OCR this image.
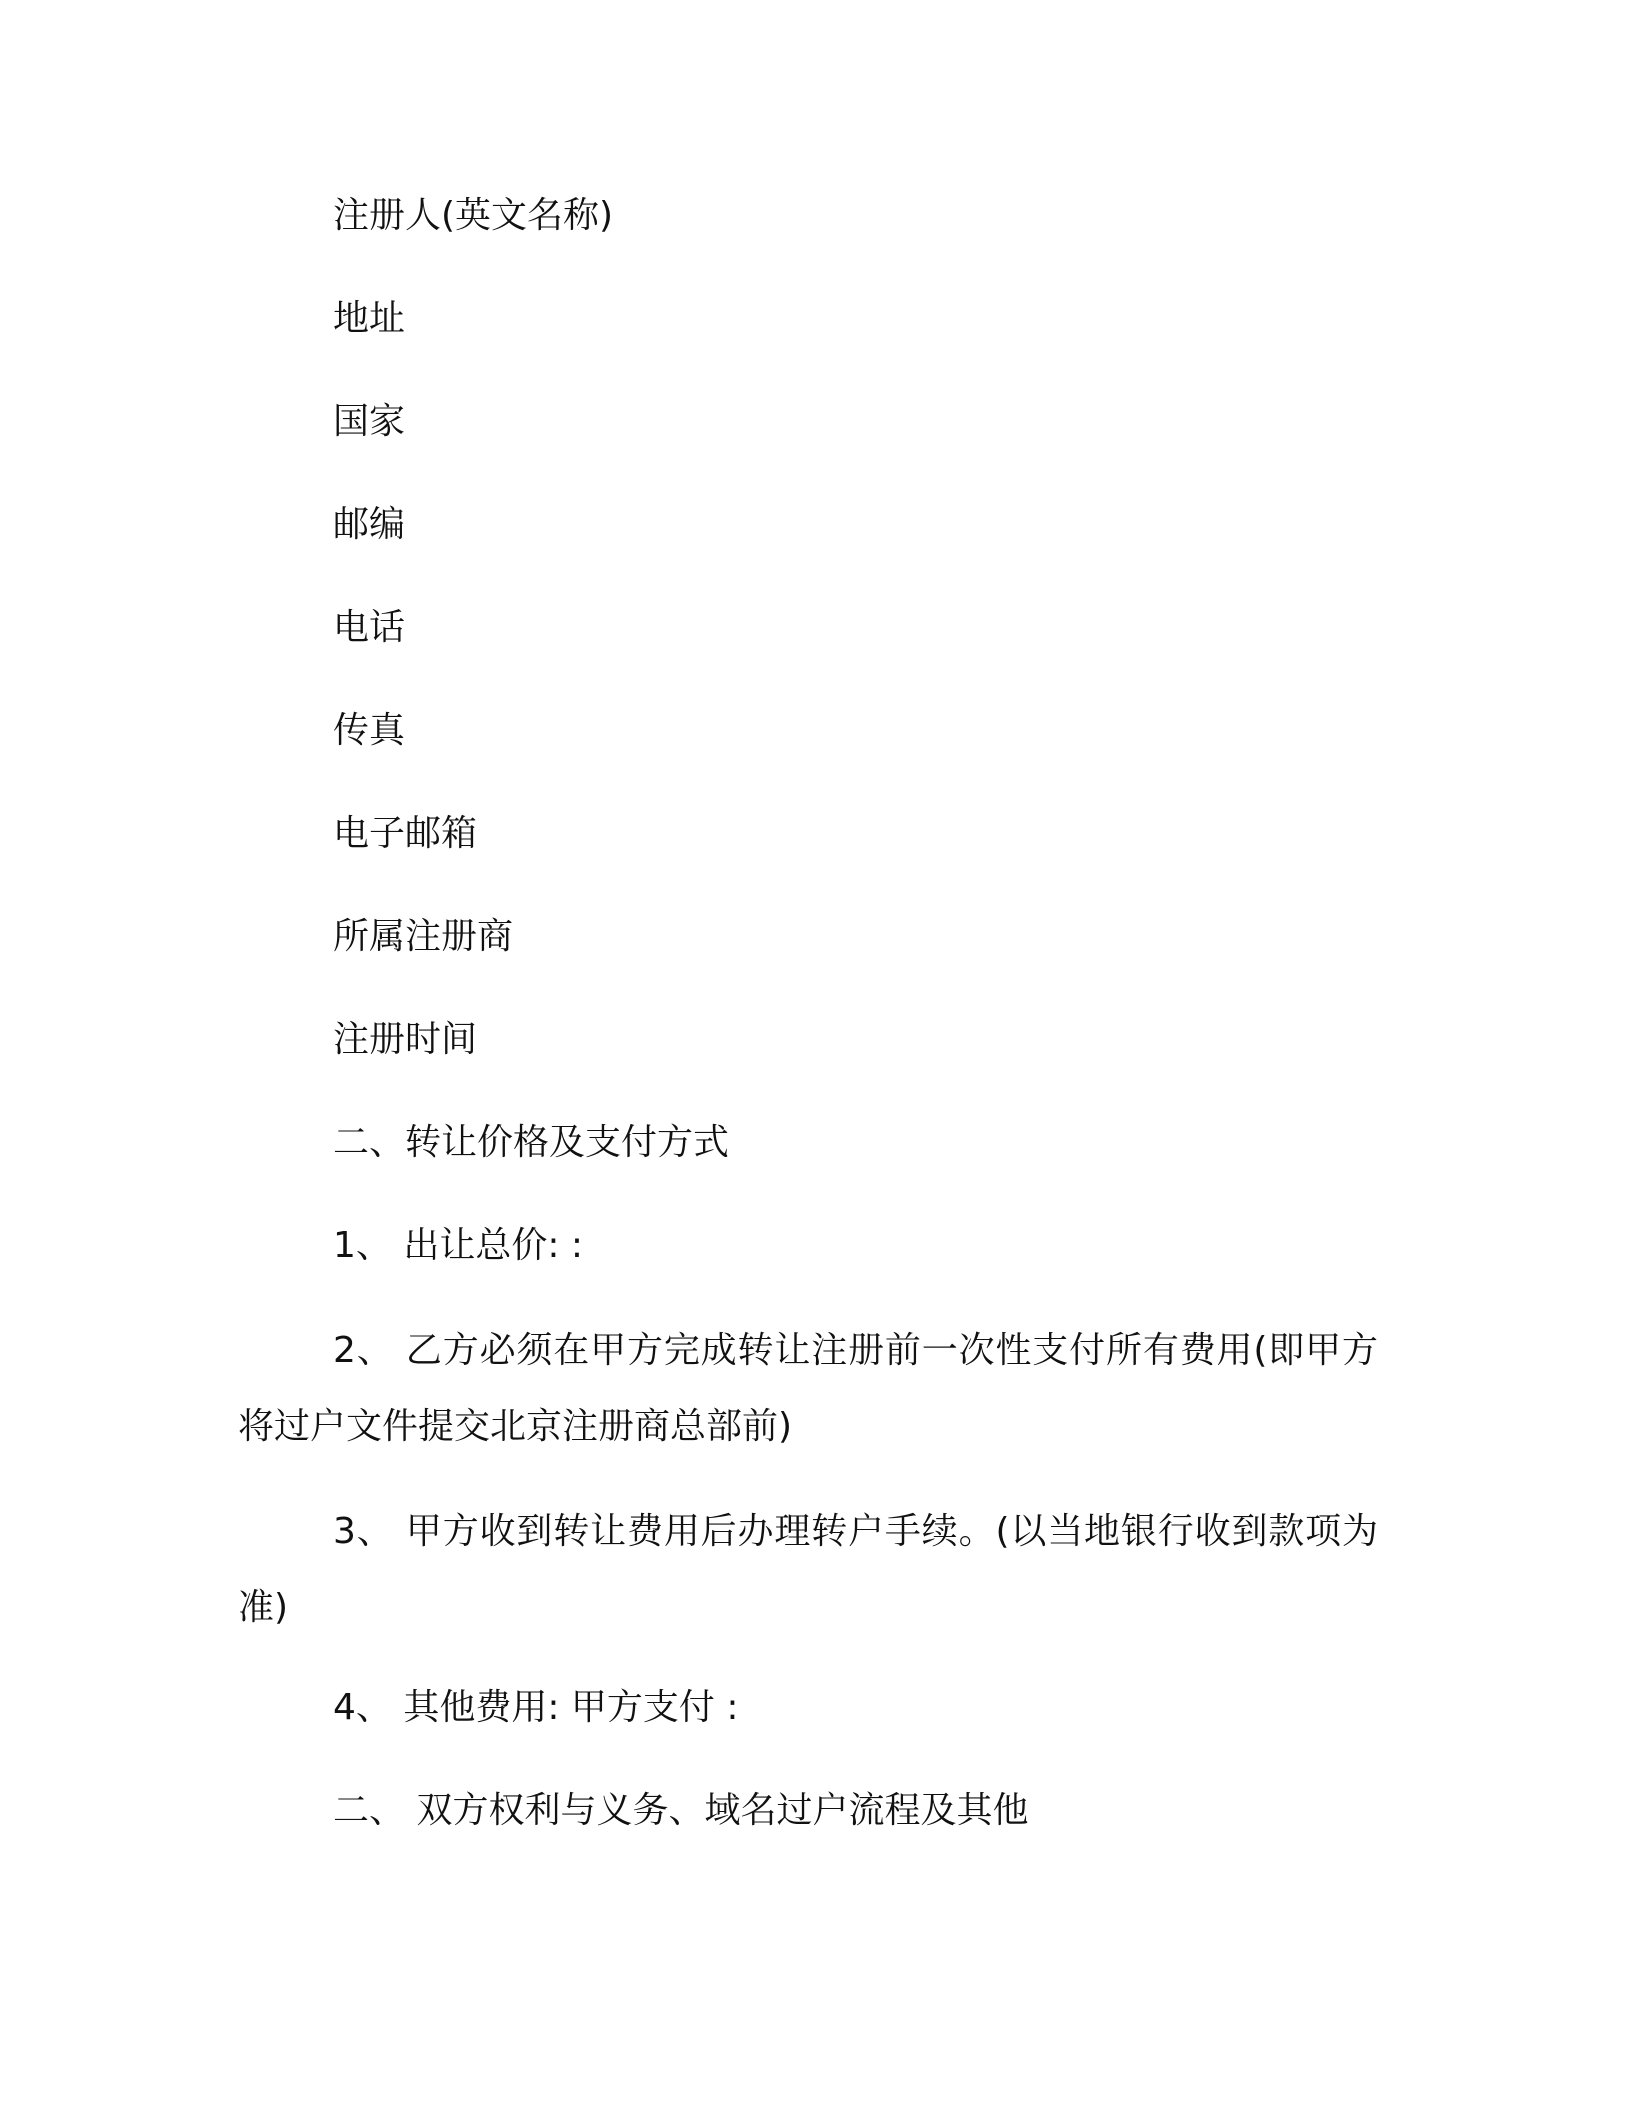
注册人(英文名称)
地址
国家
邮编
电话
传真
电子邮箱
所属注册商
注册时间
二、转让价格及支付方式
1、 出让总价: :
2、 乙方必须在甲方完成转让注册前一次性支付所有费用(即甲方将过户文件提交北京注册商总部前)
3、 甲方收到转让费用后办理转户手续。(以当地银行收到款项为准)
4、 其他费用: 甲方支付 :
二、 双方权利与义务、域名过户流程及其他
